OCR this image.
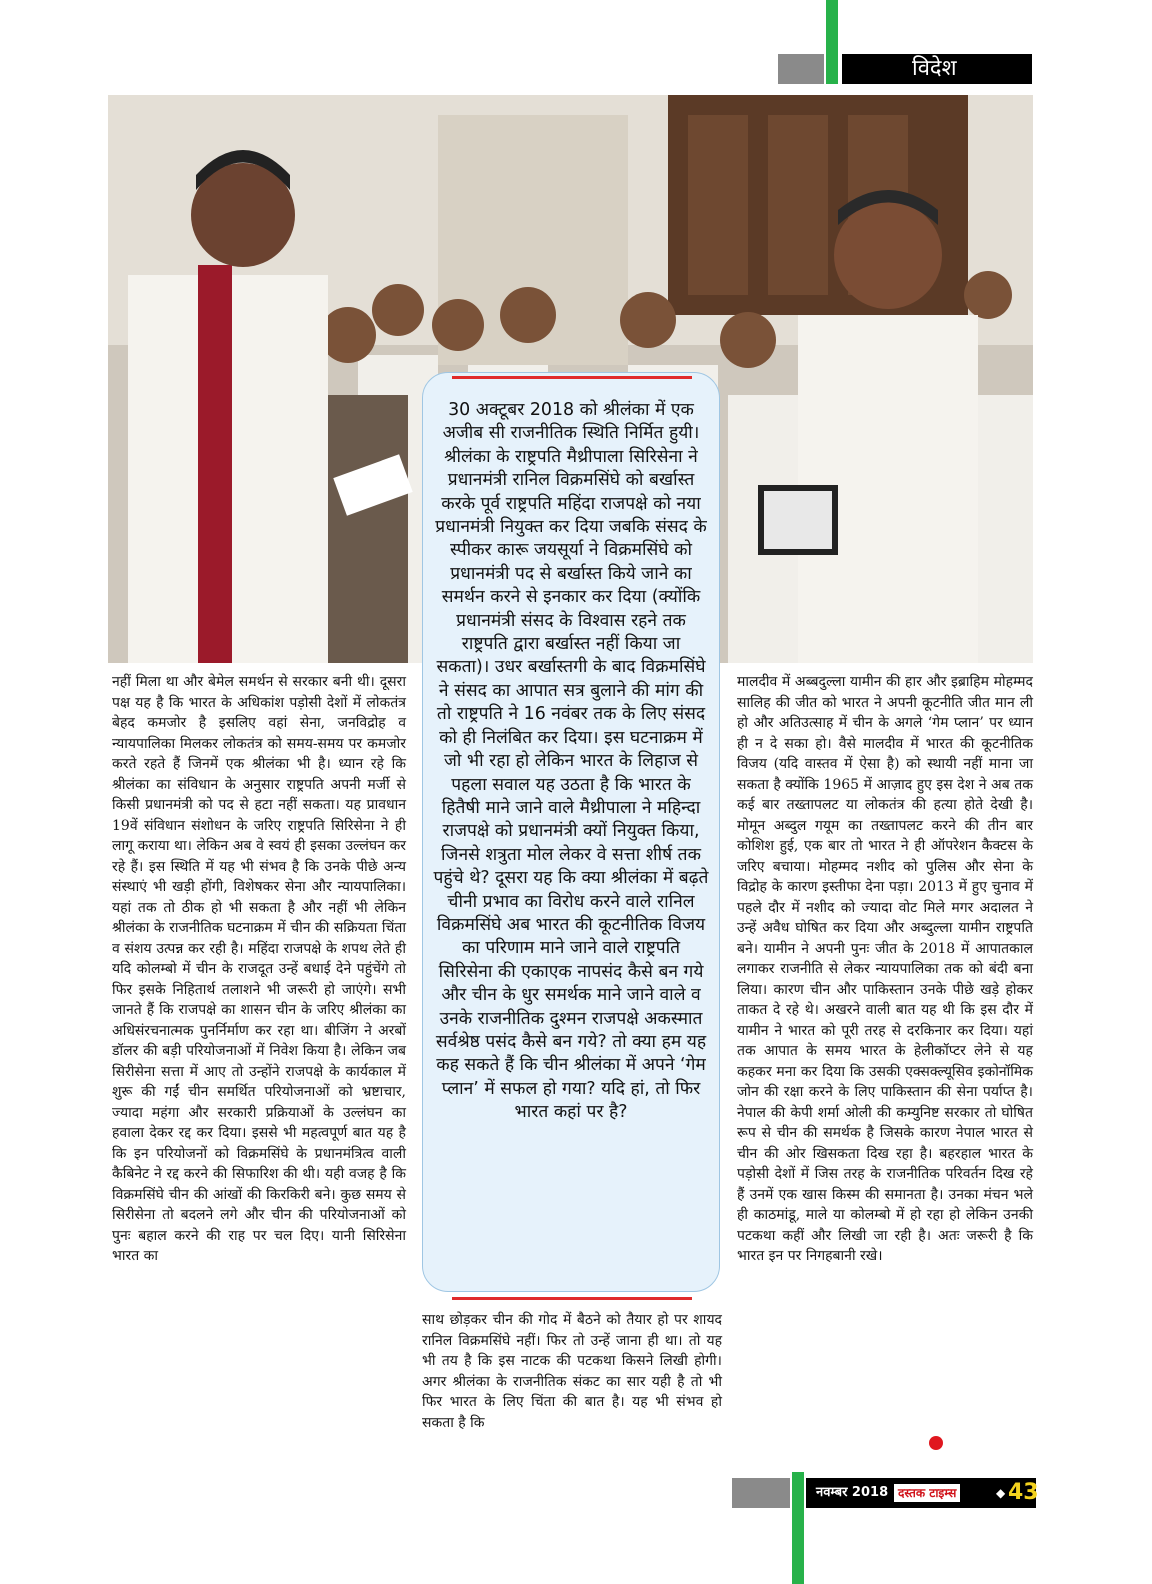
विदेश
नहीं मिला था और बेमेल समर्थन से सरकार बनी थी। दूसरा पक्ष यह है कि भारत के अधिकांश पड़ोसी देशों में लोकतंत्र बेहद कमजोर है इसलिए वहां सेना, जनविद्रोह व न्यायपालिका मिलकर लोकतंत्र को समय-समय पर कमजोर करते रहते हैं जिनमें एक श्रीलंका भी है। ध्यान रहे कि श्रीलंका का संविधान के अनुसार राष्ट्रपति अपनी मर्जी से किसी प्रधानमंत्री को पद से हटा नहीं सकता। यह प्रावधान 19वें संविधान संशोधन के जरिए राष्ट्रपति सिरिसेना ने ही लागू कराया था। लेकिन अब वे स्वयं ही इसका उल्लंघन कर रहे हैं। इस स्थिति में यह भी संभव है कि उनके पीछे अन्य संस्थाएं भी खड़ी होंगी, विशेषकर सेना और न्यायपालिका। यहां तक तो ठीक हो भी सकता है और नहीं भी लेकिन श्रीलंका के राजनीतिक घटनाक्रम में चीन की सक्रियता चिंता व संशय उत्पन्न कर रही है। महिंदा राजपक्षे के शपथ लेते ही यदि कोलम्बो में चीन के राजदूत उन्हें बधाई देने पहुंचेंगे तो फिर इसके निहितार्थ तलाशने भी जरूरी हो जाएंगे। सभी जानते हैं कि राजपक्षे का शासन चीन के जरिए श्रीलंका का अधिसंरचनात्मक पुनर्निर्माण कर रहा था। बीजिंग ने अरबों डॉलर की बड़ी परियोजनाओं में निवेश किया है। लेकिन जब सिरीसेना सत्ता में आए तो उन्होंने राजपक्षे के कार्यकाल में शुरू की गईं चीन समर्थित परियोजनाओं को भ्रष्टाचार, ज्यादा महंगा और सरकारी प्रक्रियाओं के उल्लंघन का हवाला देकर रद्द कर दिया। इससे भी महत्वपूर्ण बात यह है कि इन परियोजनों को विक्रमसिंघे के प्रधानमंत्रित्व वाली कैबिनेट ने रद्द करने की सिफारिश की थी। यही वजह है कि विक्रमसिंघे चीन की आंखों की किरकिरी बने। कुछ समय से सिरीसेना तो बदलने लगे और चीन की परियोजनाओं को पुनः बहाल करने की राह पर चल दिए। यानी सिरिसेना भारत का
30 अक्टूबर 2018 को श्रीलंका में एक अजीब सी राजनीतिक स्थिति निर्मित हुयी। श्रीलंका के राष्ट्रपति मैथ्रीपाला सिरिसेना ने प्रधानमंत्री रानिल विक्रमसिंघे को बर्खास्त करके पूर्व राष्ट्रपति महिंदा राजपक्षे को नया प्रधानमंत्री नियुक्त कर दिया जबकि संसद के स्पीकर कारू जयसूर्या ने विक्रमसिंघे को प्रधानमंत्री पद से बर्खास्त किये जाने का समर्थन करने से इनकार कर दिया (क्योंकि प्रधानमंत्री संसद के विश्वास रहने तक राष्ट्रपति द्वारा बर्खास्त नहीं किया जा सकता)। उधर बर्खास्तगी के बाद विक्रमसिंघे ने संसद का आपात सत्र बुलाने की मांग की तो राष्ट्रपति ने 16 नवंबर तक के लिए संसद को ही निलंबित कर दिया। इस घटनाक्रम में जो भी रहा हो लेकिन भारत के लिहाज से पहला सवाल यह उठता है कि भारत के हितैषी माने जाने वाले मैथ्रीपाला ने महिन्दा राजपक्षे को प्रधानमंत्री क्यों नियुक्त किया, जिनसे शत्रुता मोल लेकर वे सत्ता शीर्ष तक पहुंचे थे? दूसरा यह कि क्या श्रीलंका में बढ़ते चीनी प्रभाव का विरोध करने वाले रानिल विक्रमसिंघे अब भारत की कूटनीतिक विजय का परिणाम माने जाने वाले राष्ट्रपति सिरिसेना की एकाएक नापसंद कैसे बन गये और चीन के धुर समर्थक माने जाने वाले व उनके राजनीतिक दुश्मन राजपक्षे अकस्मात सर्वश्रेष्ठ पसंद कैसे बन गये? तो क्या हम यह कह सकते हैं कि चीन श्रीलंका में अपने ‘गेम प्लान’ में सफल हो गया? यदि हां, तो फिर भारत कहां पर है?
साथ छोड़कर चीन की गोद में बैठने को तैयार हो पर शायद रानिल विक्रमसिंघे नहीं। फिर तो उन्हें जाना ही था। तो यह भी तय है कि इस नाटक की पटकथा किसने लिखी होगी। अगर श्रीलंका के राजनीतिक संकट का सार यही है तो भी फिर भारत के लिए चिंता की बात है। यह भी संभव हो सकता है कि
मालदीव में अब्बदुल्ला यामीन की हार और इब्राहिम मोहम्मद सालिह की जीत को भारत ने अपनी कूटनीति जीत मान ली हो और अतिउत्साह में चीन के अगले ‘गेम प्लान’ पर ध्यान ही न दे सका हो। वैसे मालदीव में भारत की कूटनीतिक विजय (यदि वास्तव में ऐसा है) को स्थायी नहीं माना जा सकता है क्योंकि 1965 में आज़ाद हुए इस देश ने अब तक कई बार तख्तापलट या लोकतंत्र की हत्या होते देखी है। मोमून अब्दुल गयूम का तख्तापलट करने की तीन बार कोशिश हुई, एक बार तो भारत ने ही ऑपरेशन कैक्टस के जरिए बचाया। मोहम्मद नशीद को पुलिस और सेना के विद्रोह के कारण इस्तीफा देना पड़ा। 2013 में हुए चुनाव में पहले दौर में नशीद को ज्यादा वोट मिले मगर अदालत ने उन्हें अवैध घोषित कर दिया और अब्दुल्ला यामीन राष्ट्रपति बने। यामीन ने अपनी पुनः जीत के 2018 में आपातकाल लगाकर राजनीति से लेकर न्यायपालिका तक को बंदी बना लिया। कारण चीन और पाकिस्तान उनके पीछे खड़े होकर ताकत दे रहे थे। अखरने वाली बात यह थी कि इस दौर में यामीन ने भारत को पूरी तरह से दरकिनार कर दिया। यहां तक आपात के समय भारत के हेलीकॉप्टर लेने से यह कहकर मना कर दिया कि उसकी एक्सक्ल्यूसिव इकोनॉमिक जोन की रक्षा करने के लिए पाकिस्तान की सेना पर्याप्त है। नेपाल की केपी शर्मा ओली की कम्युनिष्ट सरकार तो घोषित रूप से चीन की समर्थक है जिसके कारण नेपाल भारत से चीन की ओर खिसकता दिख रहा है। बहरहाल भारत के पड़ोसी देशों में जिस तरह के राजनीतिक परिवर्तन दिख रहे हैं उनमें एक खास किस्म की समानता है। उनका मंचन भले ही काठमांडू, माले या कोलम्बो में हो रहा हो लेकिन उनकी पटकथा कहीं और लिखी जा रही है। अतः जरूरी है कि भारत इन पर निगहबानी रखे।
नवम्बर 2018 दस्तक टाइम्स	◆ 43
